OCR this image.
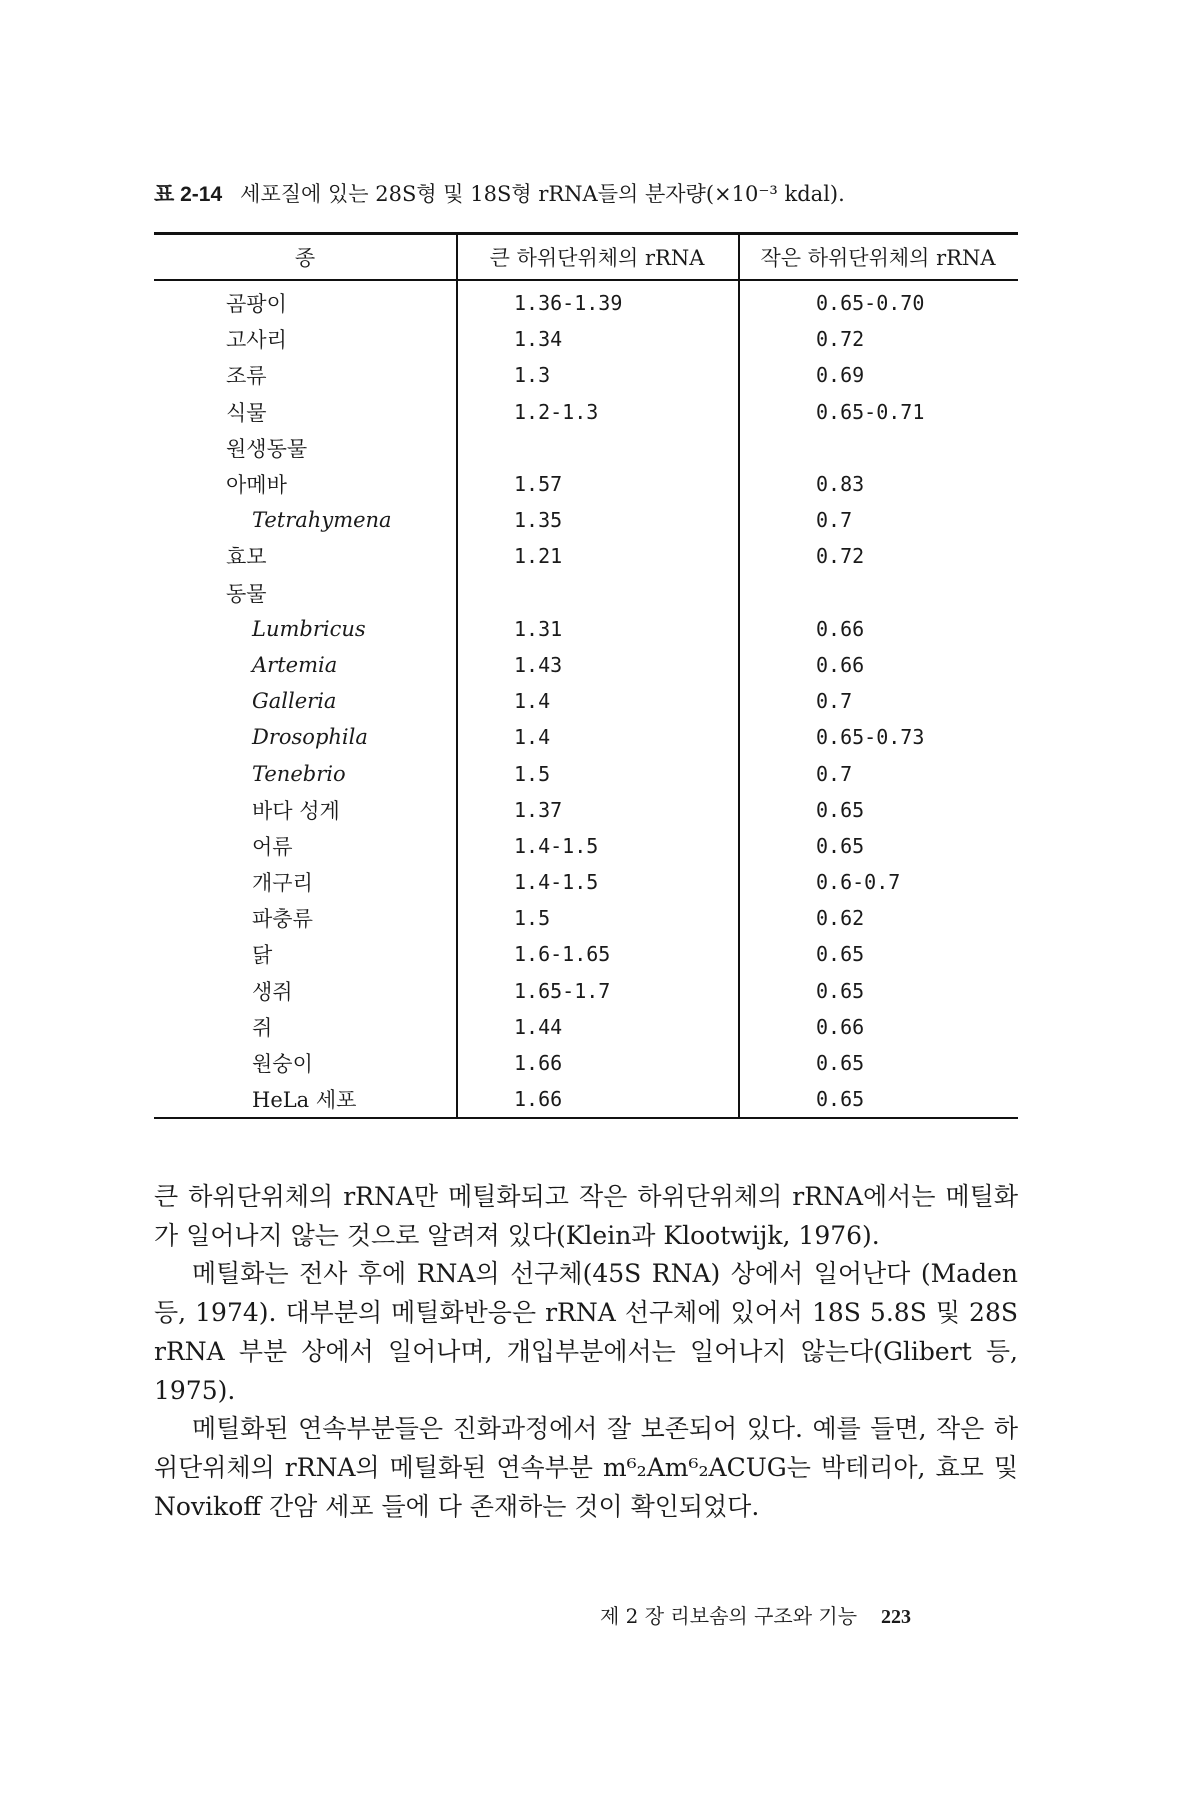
표 2-14 세포질에 있는 28S형 및 18S형 rRNA들의 분자량(×10⁻³ kdal).
종	큰 하위단위체의 rRNA	작은 하위단위체의 rRNA
곰팡이	1.36-1.39	0.65-0.70
고사리	1.34	0.72
조류	1.3	0.69
식물	1.2-1.3	0.65-0.71
원생동물
아메바	1.57	0.83
Tetrahymena	1.35	0.7
효모	1.21	0.72
동물
Lumbricus	1.31	0.66
Artemia	1.43	0.66
Galleria	1.4	0.7
Drosophila	1.4	0.65-0.73
Tenebrio	1.5	0.7
바다 성게	1.37	0.65
어류	1.4-1.5	0.65
개구리	1.4-1.5	0.6-0.7
파충류	1.5	0.62
닭	1.6-1.65	0.65
생쥐	1.65-1.7	0.65
쥐	1.44	0.66
원숭이	1.66	0.65
HeLa 세포	1.66	0.65

큰 하위단위체의 rRNA만 메틸화되고 작은 하위단위체의 rRNA에서는 메틸화가 일어나지 않는 것으로 알려져 있다(Klein과 Klootwijk, 1976).

메틸화는 전사 후에 RNA의 선구체(45S RNA) 상에서 일어난다 (Maden 등, 1974). 대부분의 메틸화반응은 rRNA 선구체에 있어서 18S 5.8S 및 28S rRNA 부분 상에서 일어나며, 개입부분에서는 일어나지 않는다(Glibert 등, 1975).

메틸화된 연속부분들은 진화과정에서 잘 보존되어 있다. 예를 들면, 작은 하위단위체의 rRNA의 메틸화된 연속부분 m⁶₂Am⁶₂ACUG는 박테리아, 효모 및 Novikoff 간암 세포 들에 다 존재하는 것이 확인되었다.

제 2 장 리보솜의 구조와 기능 223
